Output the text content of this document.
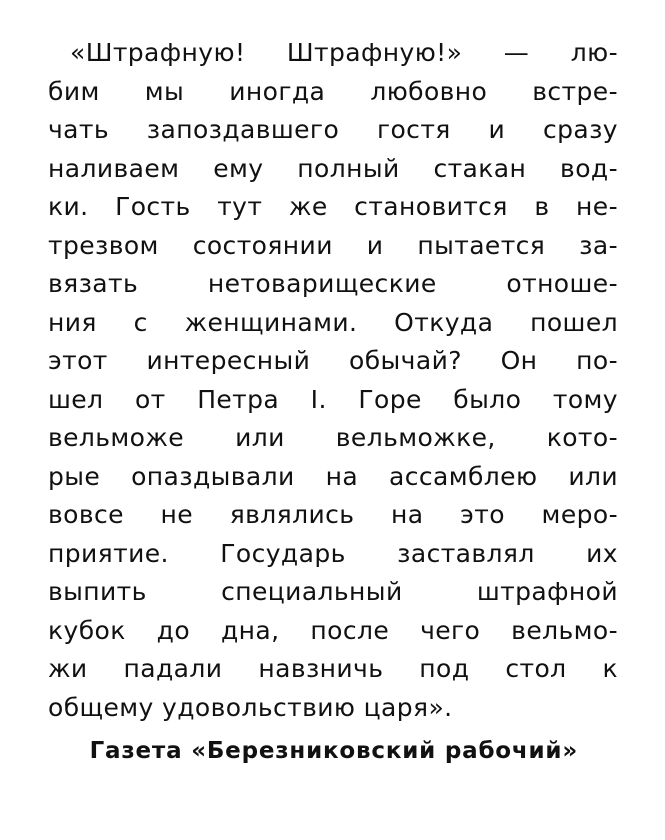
«Штрафную! Штрафную!» — лю-
бим мы иногда любовно встре-
чать запоздавшего гостя и сразу
наливаем ему полный стакан вод-
ки. Гость тут же становится в не-
трезвом состоянии и пытается за-
вязать нетоварищеские отноше-
ния с женщинами. Откуда пошел
этот интересный обычай? Он по-
шел от Петра I. Горе было тому
вельможе или вельможке, кото-
рые опаздывали на ассамблею или
вовсе не являлись на это меро-
приятие. Государь заставлял их
выпить специальный штрафной
кубок до дна, после чего вельмо-
жи падали навзничь под стол к
общему удовольствию царя».
Газета «Березниковский рабочий»
